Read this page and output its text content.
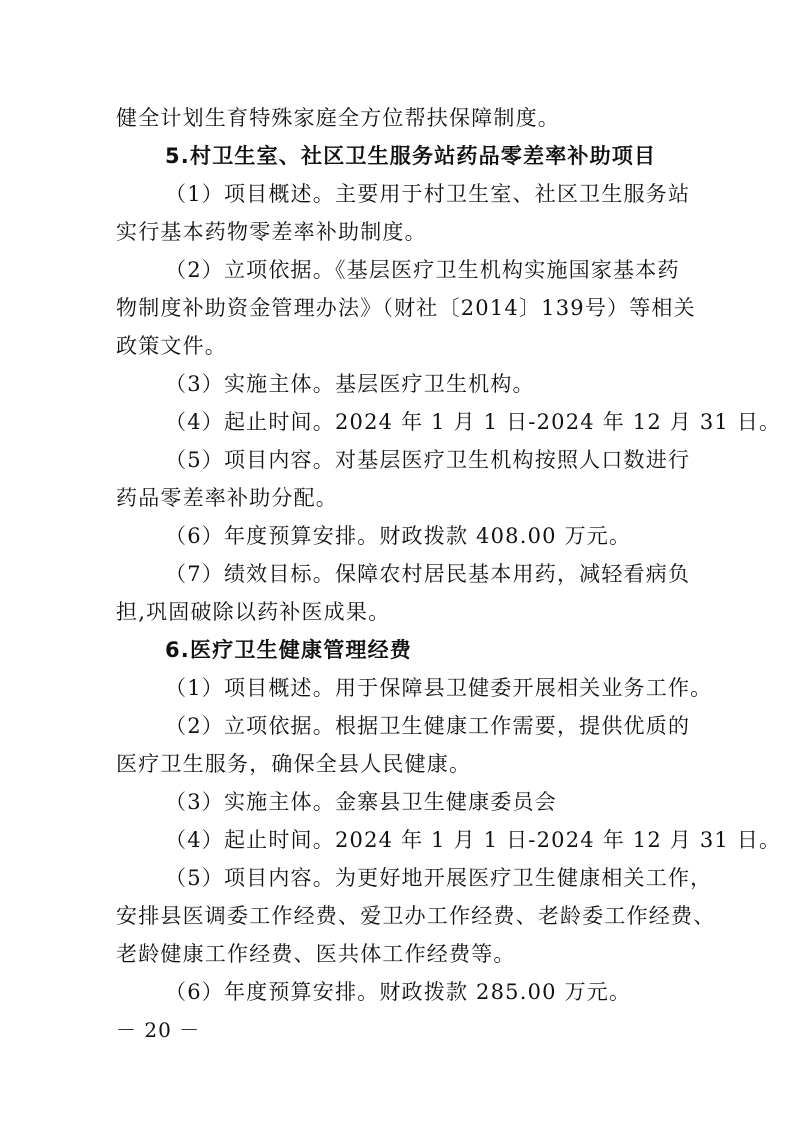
健全计划生育特殊家庭全方位帮扶保障制度。
5.村卫生室、社区卫生服务站药品零差率补助项目
（1）项目概述。主要用于村卫生室、社区卫生服务站
实行基本药物零差率补助制度。
（2）立项依据。《基层医疗卫生机构实施国家基本药
物制度补助资金管理办法》（财社〔2014〕139号）等相关
政策文件。
（3）实施主体。基层医疗卫生机构。
（4）起止时间。2024 年 1 月 1 日-2024 年 12 月 31 日。
（5）项目内容。对基层医疗卫生机构按照人口数进行
药品零差率补助分配。
（6）年度预算安排。财政拨款 408.00 万元。
（7）绩效目标。保障农村居民基本用药，减轻看病负
担,巩固破除以药补医成果。
6.医疗卫生健康管理经费
（1）项目概述。用于保障县卫健委开展相关业务工作。
（2）立项依据。根据卫生健康工作需要，提供优质的
医疗卫生服务，确保全县人民健康。
（3）实施主体。金寨县卫生健康委员会
（4）起止时间。2024 年 1 月 1 日-2024 年 12 月 31 日。
（5）项目内容。为更好地开展医疗卫生健康相关工作，
安排县医调委工作经费、爱卫办工作经费、老龄委工作经费、
老龄健康工作经费、医共体工作经费等。
（6）年度预算安排。财政拨款 285.00 万元。
－ 20 －
